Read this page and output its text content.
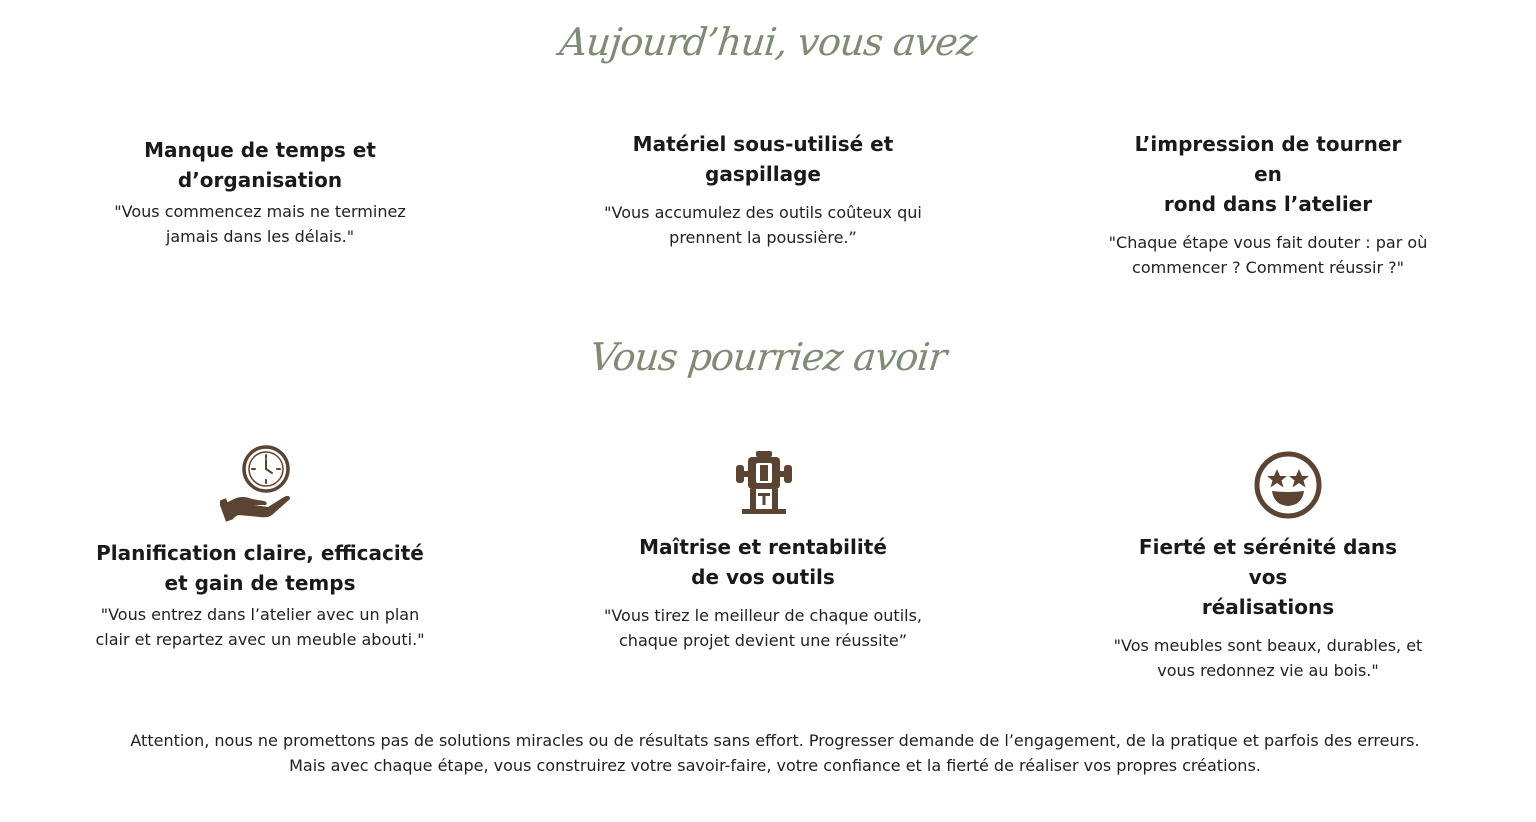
Aujourd’hui, vous avez
Manque de temps et
d’organisation
"Vous commencez mais ne terminez jamais dans les délais."
Matériel sous-utilisé et
gaspillage
"Vous accumulez des outils coûteux qui prennent la poussière.”
L’impression de tourner en
rond dans l’atelier
"Chaque étape vous fait douter : par où commencer ? Comment réussir ?"
Vous pourriez avoir
Planification claire, efficacité
et gain de temps
"Vous entrez dans l’atelier avec un plan clair et repartez avec un meuble abouti."
Maîtrise et rentabilité
de vos outils
"Vous tirez le meilleur de chaque outils, chaque projet devient une réussite”
Fierté et sérénité dans vos
réalisations
"Vos meubles sont beaux, durables, et vous redonnez vie au bois."
Attention, nous ne promettons pas de solutions miracles ou de résultats sans effort. Progresser demande de l’engagement, de la pratique et parfois des erreurs. Mais avec chaque étape, vous construirez votre savoir-faire, votre confiance et la fierté de réaliser vos propres créations.
